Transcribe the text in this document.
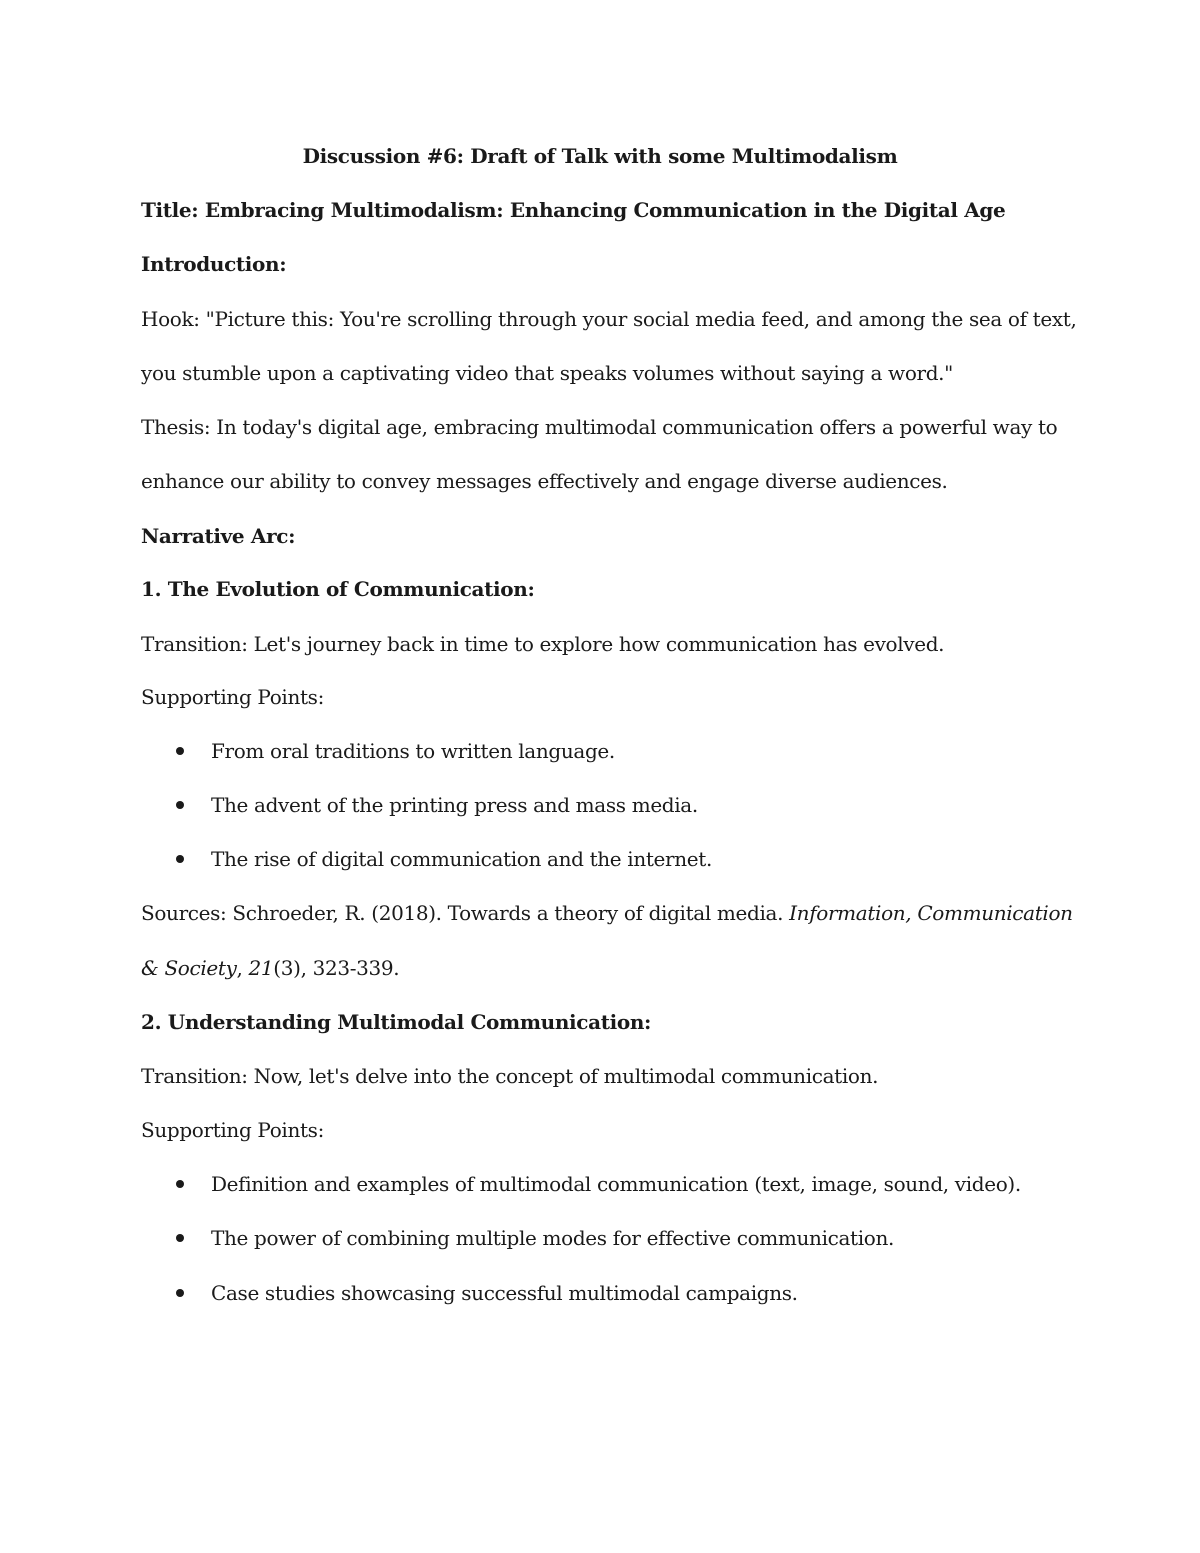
Discussion #6: Draft of Talk with some Multimodalism
Title: Embracing Multimodalism: Enhancing Communication in the Digital Age
Introduction:
Hook: "Picture this: You're scrolling through your social media feed, and among the sea of text,
you stumble upon a captivating video that speaks volumes without saying a word."
Thesis: In today's digital age, embracing multimodal communication offers a powerful way to
enhance our ability to convey messages effectively and engage diverse audiences.
Narrative Arc:
1. The Evolution of Communication:
Transition: Let's journey back in time to explore how communication has evolved.
Supporting Points:
From oral traditions to written language.
The advent of the printing press and mass media.
The rise of digital communication and the internet.
Sources: Schroeder, R. (2018). Towards a theory of digital media. Information, Communication
& Society, 21(3), 323-339.
2. Understanding Multimodal Communication:
Transition: Now, let's delve into the concept of multimodal communication.
Supporting Points:
Definition and examples of multimodal communication (text, image, sound, video).
The power of combining multiple modes for effective communication.
Case studies showcasing successful multimodal campaigns.
